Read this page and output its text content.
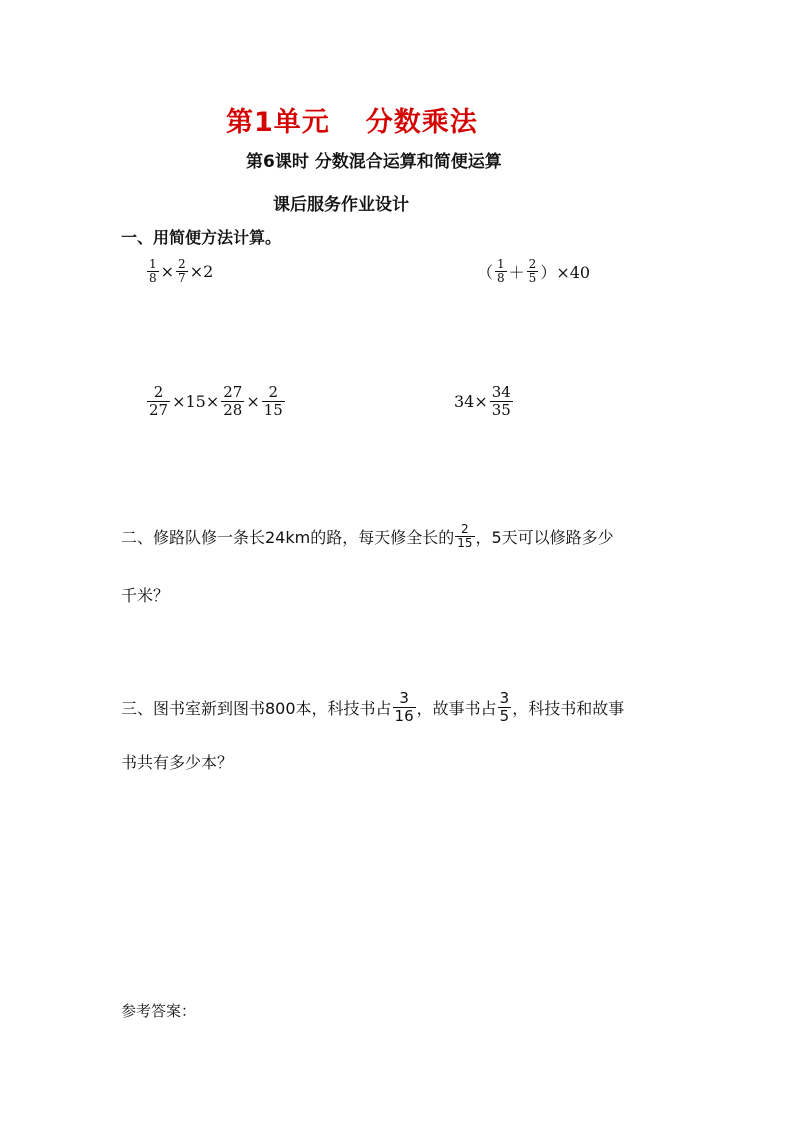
第1单元 分数乘法
第6课时 分数混合运算和简便运算
课后服务作业设计
一、用简便方法计算。
$\frac{1}{8} \times \frac{2}{7} \times 2$	（ $\frac{1}{8} + \frac{2}{5} )\times 40$
$\frac{2}{27} \times 15\times \frac{27}{28} \times \frac{2}{15}$	$34\times \frac{34}{35}$
二、修路队修一条长24km的路，每天修全长的 $\frac{2}{15}$ ，5天可以修路多少
千米？
三、图书室新到图书800本，科技书占 $\frac{3}{16}$ ，故事书占 $\frac{3}{5}$ ，科技书和故事
书共有多少本？
参考答案：
